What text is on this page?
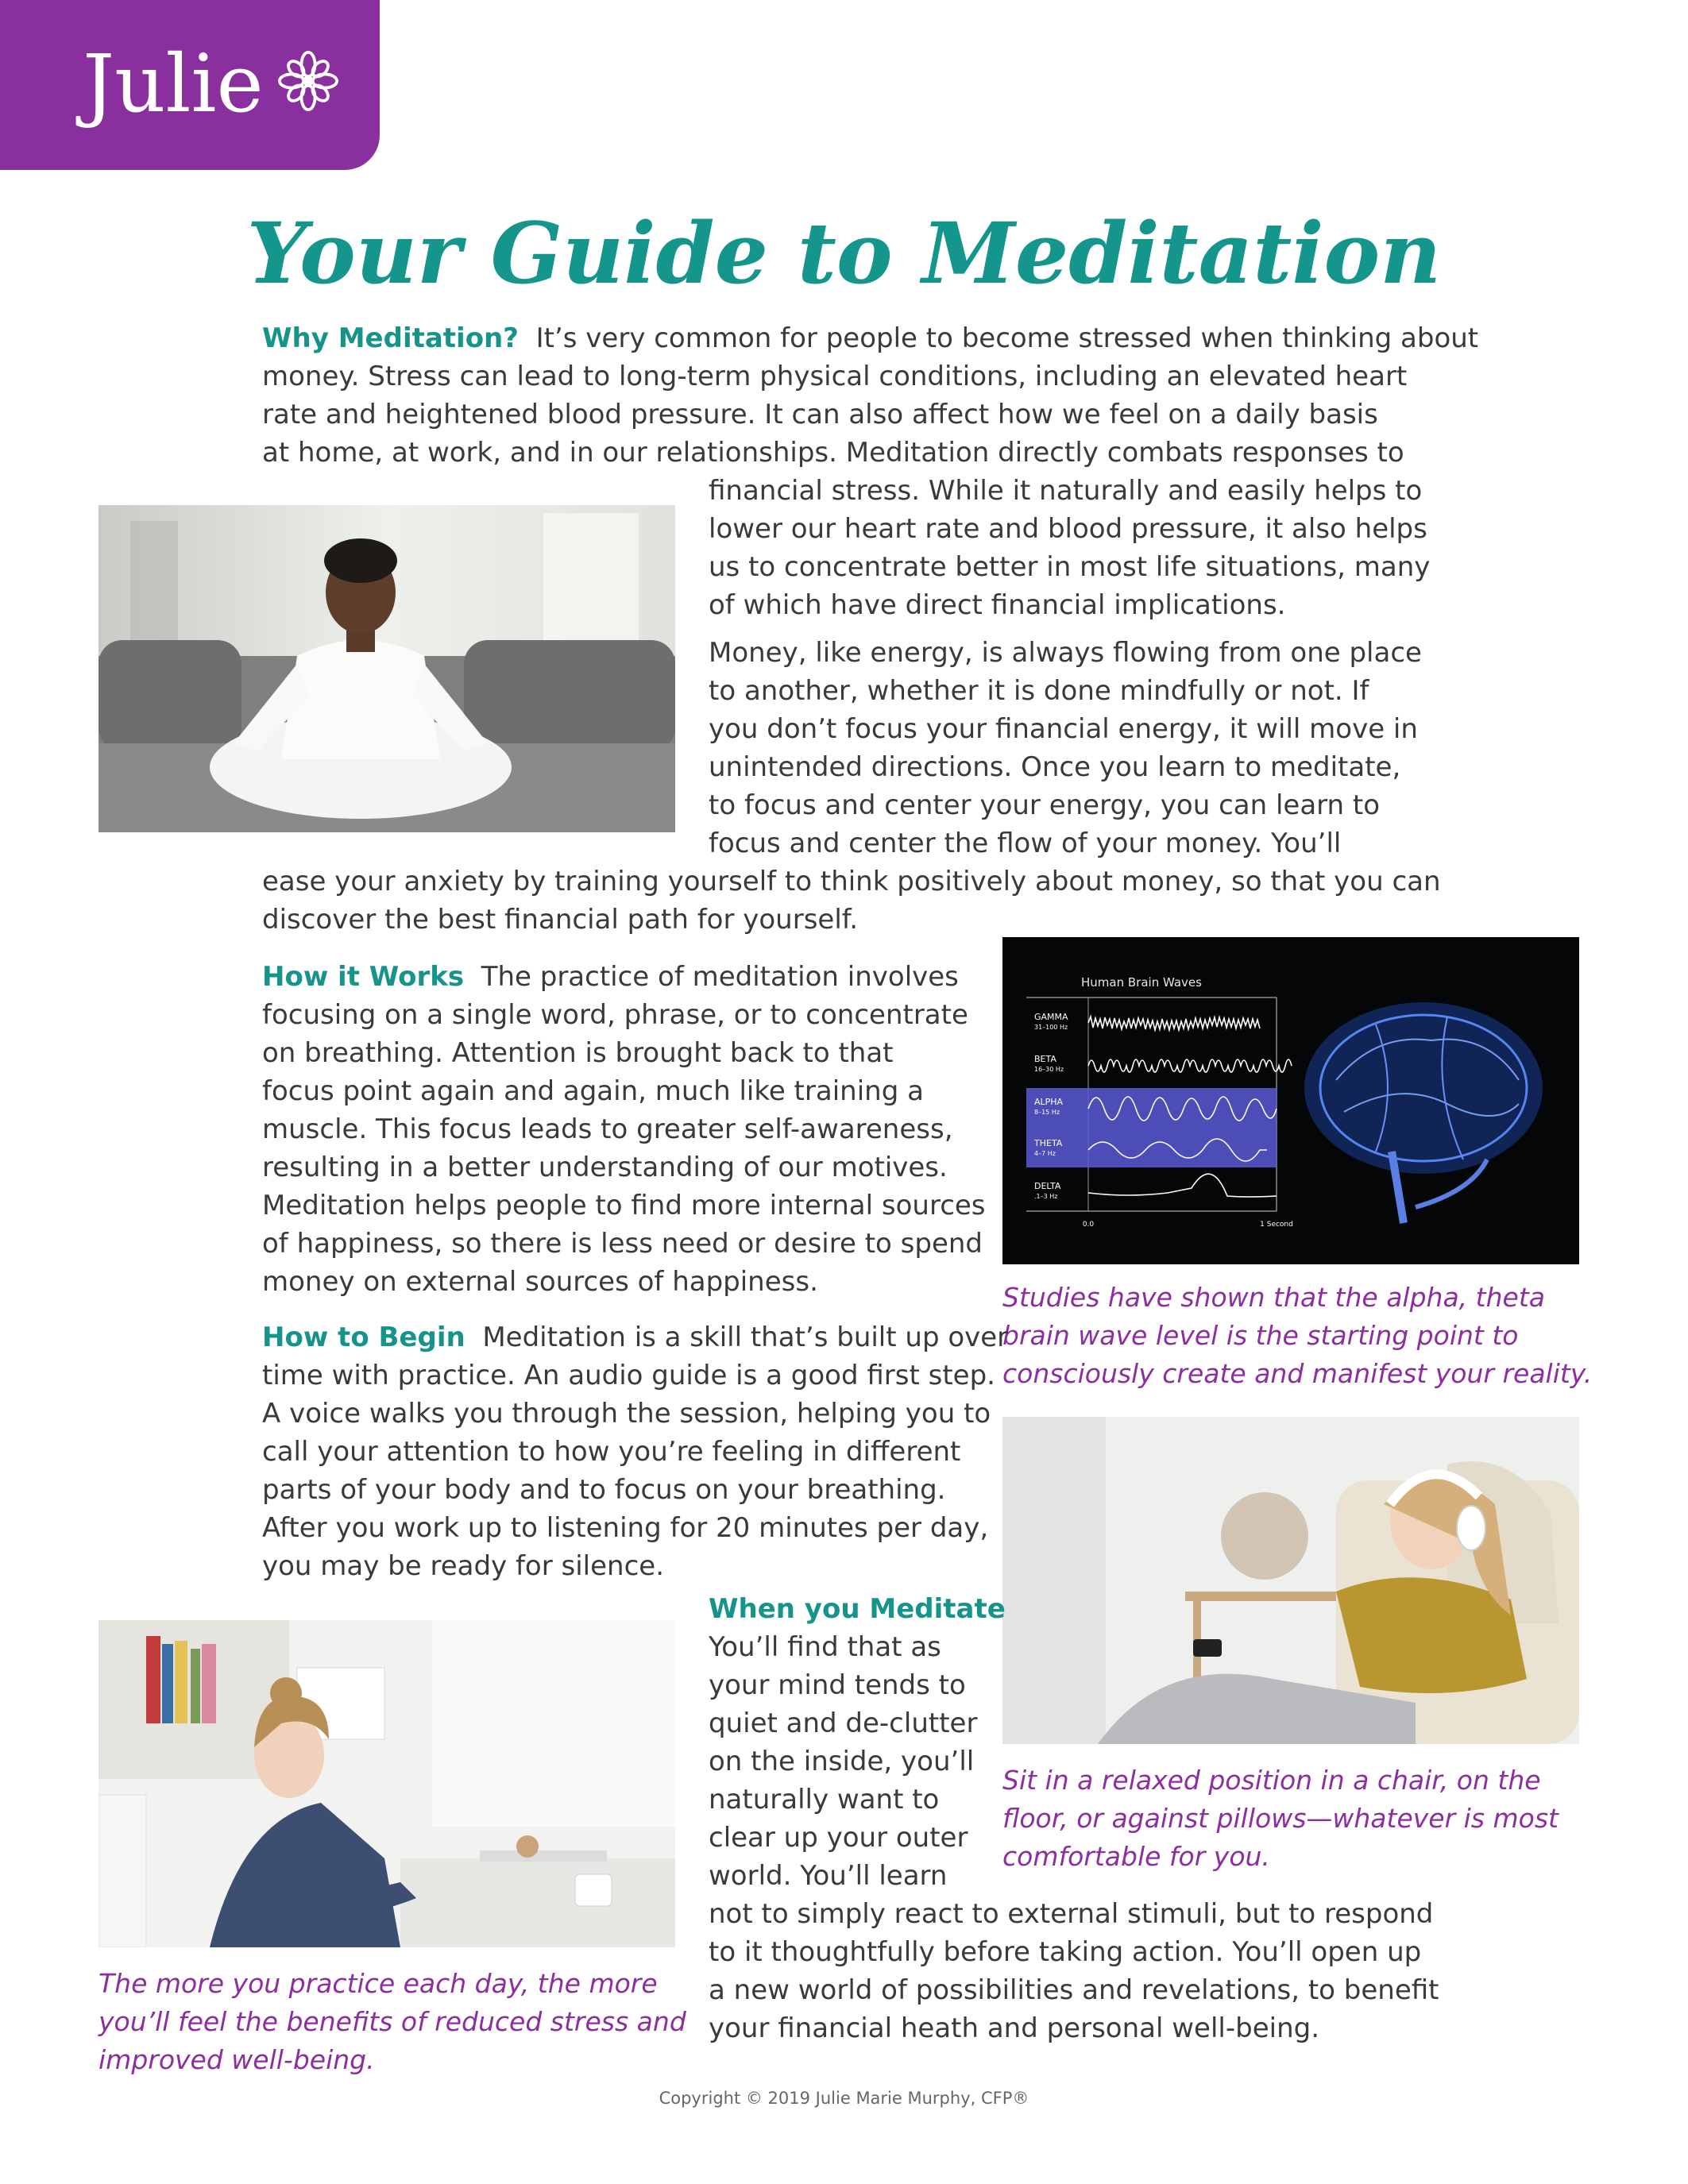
Julie
Your Guide to Meditation

Why Meditation? It’s very common for people to become stressed when thinking about

money. Stress can lead to long-term physical conditions, including an elevated heart

rate and heightened blood pressure. It can also affect how we feel on a daily basis

at home, at work, and in our relationships. Meditation directly combats responses to

financial stress. While it naturally and easily helps to

lower our heart rate and blood pressure, it also helps

us to concentrate better in most life situations, many

of which have direct financial implications.

Money, like energy, is always flowing from one place

to another, whether it is done mindfully or not. If

you don’t focus your financial energy, it will move in

unintended directions. Once you learn to meditate,

to focus and center your energy, you can learn to

focus and center the flow of your money. You’ll

ease your anxiety by training yourself to think positively about money, so that you can

discover the best financial path for yourself.

How it Works The practice of meditation involves

focusing on a single word, phrase, or to concentrate

on breathing. Attention is brought back to that

focus point again and again, much like training a

muscle. This focus leads to greater self-awareness,

resulting in a better understanding of our motives.

Meditation helps people to find more internal sources

of happiness, so there is less need or desire to spend

money on external sources of happiness.

Human Brain Waves
GAMMA
31–100 Hz
BETA
16–30 Hz
ALPHA
8–15 Hz
THETA
4–7 Hz
DELTA
.1–3 Hz
0.0	1 Second

Studies have shown that the alpha, theta

brain wave level is the starting point to

consciously create and manifest your reality.

How to Begin Meditation is a skill that’s built up over

time with practice. An audio guide is a good first step.

A voice walks you through the session, helping you to

call your attention to how you’re feeling in different

parts of your body and to focus on your breathing.

After you work up to listening for 20 minutes per day,

you may be ready for silence.

When you Meditate

You’ll find that as

your mind tends to

quiet and de-clutter

on the inside, you’ll

naturally want to

clear up your outer

world. You’ll learn

not to simply react to external stimuli, but to respond

to it thoughtfully before taking action. You’ll open up

a new world of possibilities and revelations, to benefit

your financial heath and personal well-being.

Sit in a relaxed position in a chair, on the

floor, or against pillows—whatever is most

comfortable for you.

The more you practice each day, the more

you’ll feel the benefits of reduced stress and

improved well-being.

Copyright © 2019 Julie Marie Murphy, CFP®
